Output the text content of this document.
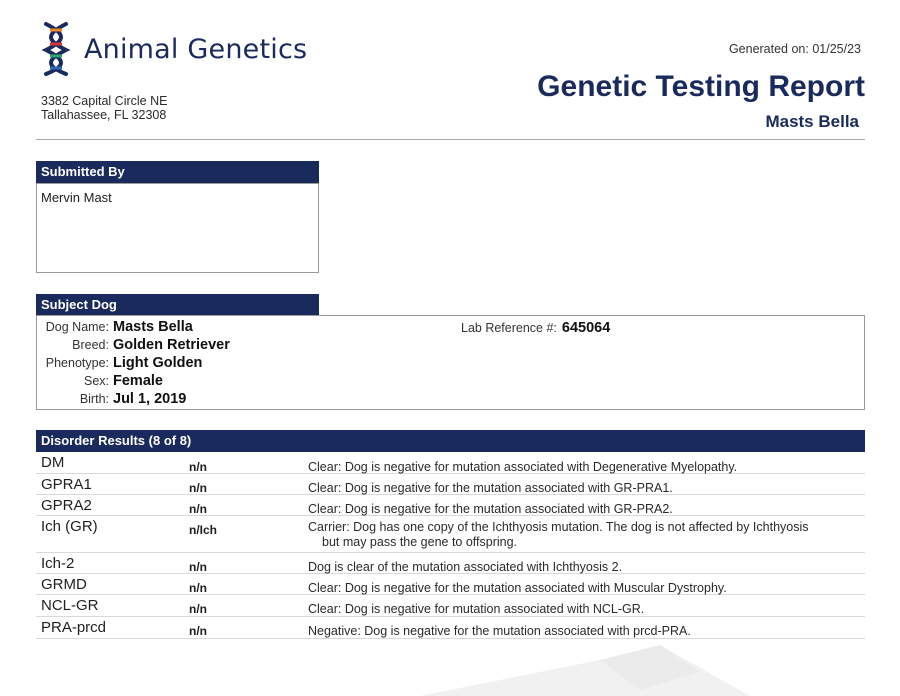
Animal Genetics
3382 Capital Circle NE
Tallahassee, FL 32308
Generated on: 01/25/23
Genetic Testing Report
Masts Bella
Submitted By
Mervin Mast
Subject Dog
Dog Name: Masts Bella
Breed: Golden Retriever
Phenotype: Light Golden
Sex: Female
Birth: Jul 1, 2019
Lab Reference #: 645064
Disorder Results (8 of 8)
DM	n/n	Clear: Dog is negative for mutation associated with Degenerative Myelopathy.
GPRA1	n/n	Clear: Dog is negative for the mutation associated with GR-PRA1.
GPRA2	n/n	Clear: Dog is negative for the mutation associated with GR-PRA2.
Ich (GR)	n/Ich	Carrier: Dog has one copy of the Ichthyosis mutation. The dog is not affected by Ichthyosis
but may pass the gene to offspring.
Ich-2	n/n	Dog is clear of the mutation associated with Ichthyosis 2.
GRMD	n/n	Clear: Dog is negative for the mutation associated with Muscular Dystrophy.
NCL-GR	n/n	Clear: Dog is negative for mutation associated with NCL-GR.
PRA-prcd	n/n	Negative: Dog is negative for the mutation associated with prcd-PRA.
